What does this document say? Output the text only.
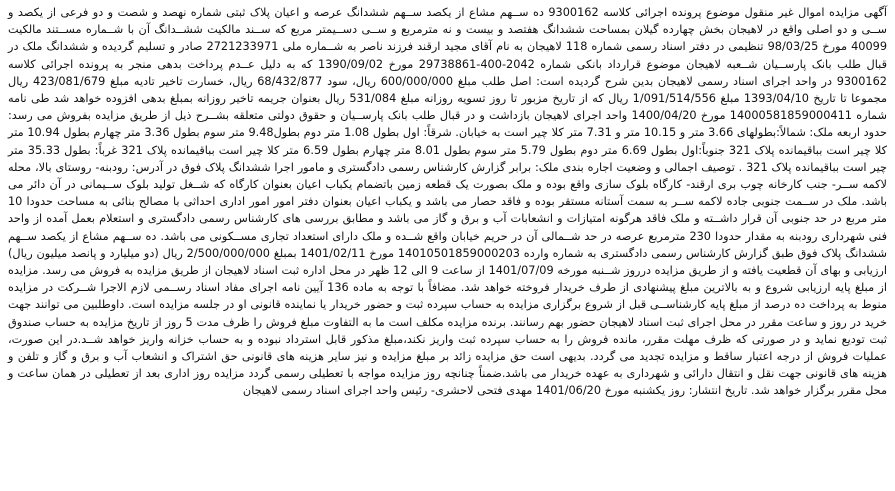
آگهی مزایده اموال غیر منقول موضوع پرونده اجرائی کلاسه 9300162 ده ســهم مشاع از یکصد ســهم ششدانگ عرصه و اعیان پلاک ثبتی شماره نهصد و شصت و دو فرعی از یکصد و ســی و دو اصلی واقع در لاهیجان بخش چهارده گیلان بمساحت ششدانگ هفتصد و بیست و نه مترمربع و ســی دســیمتر مربع که ســند مالکیت ششــدانگ آن با شــماره مســتند مالکیت 40099 مورخ 98/03/25 تنظیمی در دفتر اسناد رسمی شماره 118 لاهیجان به نام آقای مجید ارقند فرزند ناصر به شــماره ملی 2721233971 صادر و تسلیم گردیده و ششدانگ ملک در قبال طلب بانک پارســیان شــعبه لاهیجان موضوع قرارداد بانکی شماره 2042-400-29738861 مورخ 1390/09/02 که به دلیل عــدم پرداخت بدهی منجر به پرونده اجرائی کلاسه 9300162 در واحد اجرای اسناد رسمی لاهیجان بدین شرح گردیده است: اصل طلب مبلغ 600/000/000 ریال، سود 68/432/877 ریال، خسارت تاخیر تادیه مبلغ 423/081/679 ریال مجموعا تا تاریخ 1393/04/10 مبلغ 1/091/514/556 ریال که از تاریخ مزبور تا روز تسویه روزانه مبلغ 531/084 ریال بعنوان جریمه تاخیر روزانه بمبلغ بدهی افزوده خواهد شد طی نامه شماره 14000581859000411 مورخ 1400/04/20 واحد اجرای لاهیجان بازداشت و در قبال طلب بانک پارســیان و حقوق دولتی متعلقه بشــرح ذیل از طریق مزایده بفروش می رسد: حدود اربعه ملک: شمالاً:بطولهای 3.66 متر و 10.15 متر و 7.31 متر کلا چیر است به خیابان. شرقاً: اول بطول 1.08 متر دوم بطول9.48 متر سوم بطول 3.36 متر چهارم بطول 10.94 متر کلا چیر است بباقیمانده پلاک 321 جنوباً:اول بطول 6.69 متر دوم بطول 5.79 متر سوم بطول 8.01 متر چهارم بطول 6.59 متر کلا چیر است بباقیمانده پلاک 321 غرباً: بطول 35.33 متر چیر است بباقیمانده پلاک 321 . توصیف اجمالی و وضعیت اجاره بندی ملک: برابر گزارش کارشناس رسمی دادگستری و مامور اجرا ششدانگ پلاک فوق در آدرس: رودبنه- روستای بالا، محله لاکمه ســر- جنب کارخانه چوب بری ارقند- کارگاه بلوک سازی واقع بوده و ملک بصورت یک قطعه زمین باتضمام یکباب اعیان بعنوان کارگاه که شــغل تولید بلوک ســیمانی در آن دائر می باشد. ملک در ســمت جنوبی جاده لاکمه ســر به سمت آستانه مستقر بوده و فاقد حصار می باشد و یکباب اعیان بعنوان دفتر امور امور اداری احداثی با مصالح بنائی به مساحت حدودا 10 متر مربع در حد جنوبی آن قرار داشــته و ملک فاقد هرگونه امتیازات و انشعابات آب و برق و گاز می باشد و مطابق بررسی های کارشناس رسمی دادگستری و استعلام بعمل آمده از واحد فنی شهرداری رودبنه به مقدار حدودا 230 مترمربع عرصه در حد شــمالی آن در حریم خیابان واقع شــده و ملک دارای استعداد تجاری مســکونی می باشد. ده ســهم مشاع از یکصد ســهم ششدانگ پلاک فوق طبق گزارش کارشناس رسمی دادگستری به شماره وارده 14010501859000203 مورخ 1401/02/11 بمبلغ 2/500/000/000 ریال (دو میلیارد و پانصد میلیون ریال) ارزیابی و بهای آن قطعیت یافته و از طریق مزایده درروز شــنبه مورخه 1401/07/09 از ساعت 9 الی 12 ظهر در محل اداره ثبت اسناد لاهیجان از طریق مزایده به فروش می رسد. مزایده از مبلغ پایه ارزیابی شروع و به بالاترین مبلغ پیشنهادی از طرف خریدار فروخته خواهد شد. مضافاً با توجه به ماده 136 آیین نامه اجرای مفاد اسناد رســمی لازم الاجرا شــرکت در مزایده منوط به پرداخت ده درصد از مبلغ پایه کارشناســی قبل از شروع برگزاری مزایده به حساب سپرده ثبت و حضور خریدار یا نماینده قانونی او در جلسه مزایده است. داوطلبین می توانند جهت خرید در روز و ساعت مقرر در محل اجرای ثبت اسناد لاهیجان حضور بهم رسانند. برنده مزایده مکلف است ما به التفاوت مبلغ فروش را ظرف مدت 5 روز از تاریخ مزایده به حساب صندوق ثبت تودیع نماید و در صورتی که ظرف مهلت مقرر، مانده فروش را به حساب سپرده ثبت واریز نکند،مبلغ مذکور قابل استرداد نبوده و به حساب خزانه واریز خواهد شــد.در این صورت، عملیات فروش از درجه اعتبار ساقط و مزایده تجدید می گردد. بدیهی است حق مزایده زائد بر مبلغ مزایده و نیز سایر هزینه های قانونی حق اشتراک و انشعاب آب و برق و گاز و تلفن و هزینه های قانونی جهت نقل و انتقال دارائی و شهرداری به عهده خریدار می باشد.ضمناً چنانچه روز مزایده مواجه با تعطیلی رسمی گردد مزایده روز اداری بعد از تعطیلی در همان ساعت و محل مقرر برگزار خواهد شد. تاریخ انتشار: روز یکشنبه مورخ 1401/06/20 مهدی فتحی لاحشری- رئیس واحد اجرای اسناد رسمی لاهیجان
